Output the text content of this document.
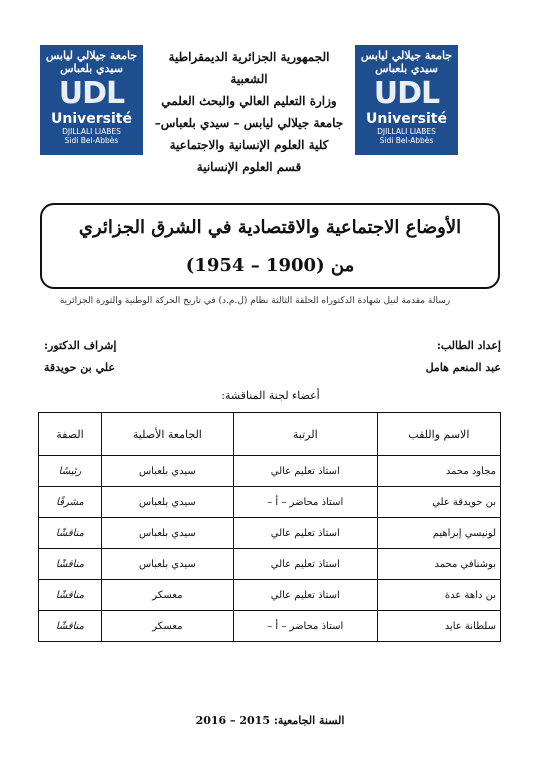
جامعة جيلالي ليابس سيدي بلعباس
UDL
Université
DJILLALI LIABES
Sidi Bel-Abbès
الجمهورية الجزائرية الديمقراطية الشعبية
وزارة التعليم العالي والبحث العلمي
جامعة جيلالي ليابس – سيدي بلعباس–
كلية العلوم الإنسانية والاجتماعية
قسم العلوم الإنسانية
جامعة جيلالي ليابس سيدي بلعباس
UDL
Université
DJILLALI LIABES
Sidi Bel-Abbès
الأوضاع الاجتماعية والاقتصادية في الشرق الجزائري
من (1900 – 1954)
رسالة مقدمة لنيل شهادة الدكتوراه الحلقة الثالثة نظام (ل.م.د) في تاريخ الحركة الوطنية والثورة الجزائرية
إعداد الطالب:
عبد المنعم هامل
إشراف الدكتور:
علي بن حويدقة
أعضاء لجنة المناقشة:
الاسم واللقب	الرتبة	الجامعة الأصلية	الصفة
مجاود محمد	استاذ تعليم عالي	سيدي بلعباس	رئيسًا
بن حويدقة علي	استاذ محاضر – أ –	سيدي بلعباس	مشرفًا
لونيسي إبراهيم	استاذ تعليم عالي	سيدي بلعباس	مناقشًا
بوشنافي محمد	استاذ تعليم عالي	سيدي بلعباس	مناقشًا
بن داهة عدة	استاذ تعليم عالي	معسكر	مناقشًا
سلطانة عايد	استاذ محاضر – أ –	معسكر	مناقشًا
السنة الجامعية: 2015 – 2016
